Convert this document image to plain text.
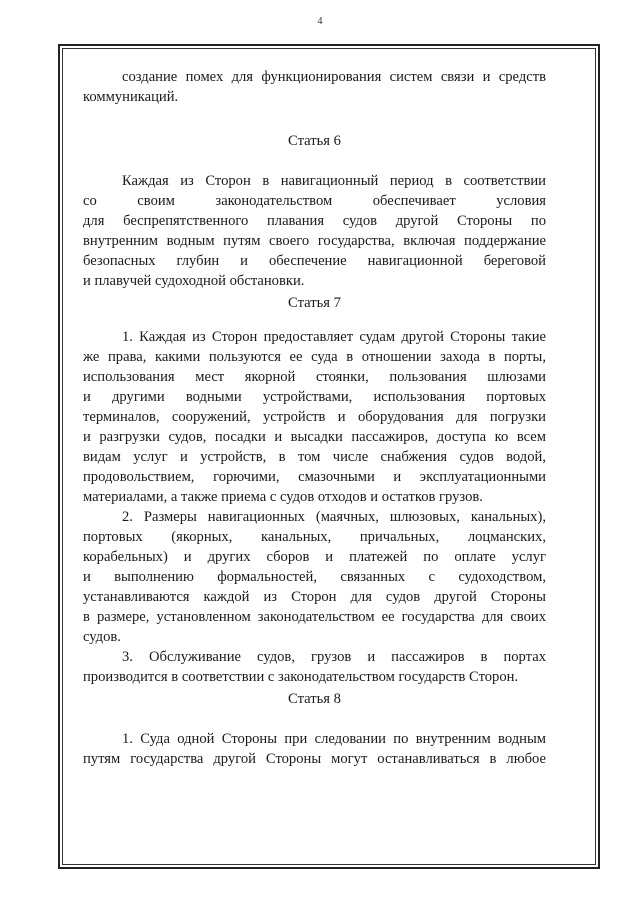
4
создание помех для функционирования систем связи и средств
коммуникаций.
Статья 6
Каждая из Сторон в навигационный период в соответствии
со своим законодательством обеспечивает условия
для беспрепятственного плавания судов другой Стороны по
внутренним водным путям своего государства, включая поддержание
безопасных глубин и обеспечение навигационной береговой
и плавучей судоходной обстановки.
Статья 7
1. Каждая из Сторон предоставляет судам другой Стороны такие
же права, какими пользуются ее суда в отношении захода в порты,
использования мест якорной стоянки, пользования шлюзами
и другими водными устройствами, использования портовых
терминалов, сооружений, устройств и оборудования для погрузки
и разгрузки судов, посадки и высадки пассажиров, доступа ко всем
видам услуг и устройств, в том числе снабжения судов водой,
продовольствием, горючими, смазочными и эксплуатационными
материалами, а также приема с судов отходов и остатков грузов.
2. Размеры навигационных (маячных, шлюзовых, канальных),
портовых (якорных, канальных, причальных, лоцманских,
корабельных) и других сборов и платежей по оплате услуг
и выполнению формальностей, связанных с судоходством,
устанавливаются каждой из Сторон для судов другой Стороны
в размере, установленном законодательством ее государства для своих
судов.
3. Обслуживание судов, грузов и пассажиров в портах
производится в соответствии с законодательством государств Сторон.
Статья 8
1. Суда одной Стороны при следовании по внутренним водным
путям государства другой Стороны могут останавливаться в любое
